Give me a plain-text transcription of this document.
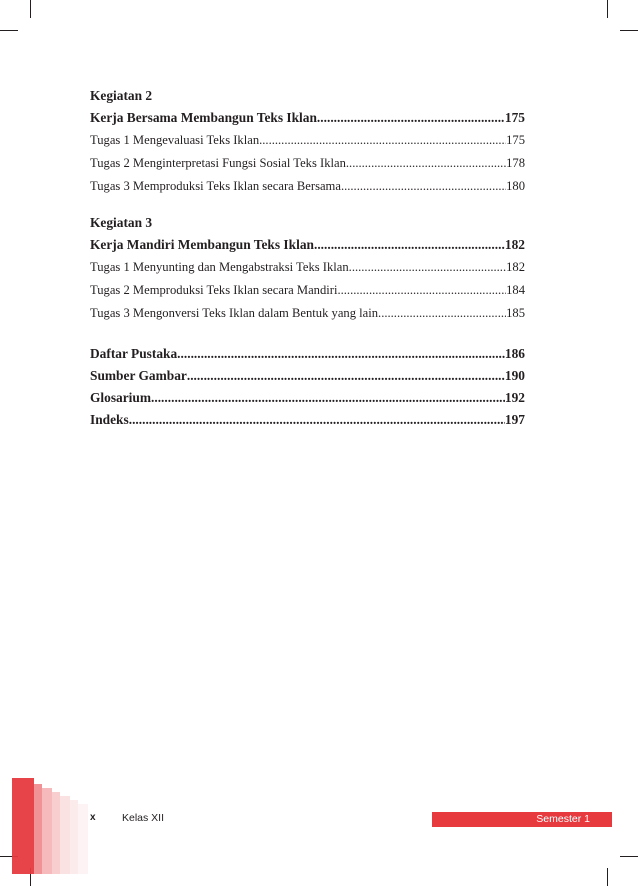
Kegiatan 2
Kerja Bersama Membangun Teks Iklan .....	175
Tugas 1 Mengevaluasi Teks Iklan .....	175
Tugas 2 Menginterpretasi Fungsi Sosial Teks Iklan .....	178
Tugas 3 Memproduksi Teks Iklan secara Bersama .....	180
Kegiatan 3
Kerja Mandiri Membangun Teks Iklan .....	182
Tugas 1 Menyunting dan Mengabstraksi Teks Iklan .....	182
Tugas 2 Memproduksi Teks Iklan secara Mandiri .....	184
Tugas 3 Mengonversi Teks Iklan dalam Bentuk yang lain .....	185
Daftar Pustaka .....	186
Sumber Gambar .....	190
Glosarium .....	192
Indeks .....	197
x	Kelas XII	Semester 1
